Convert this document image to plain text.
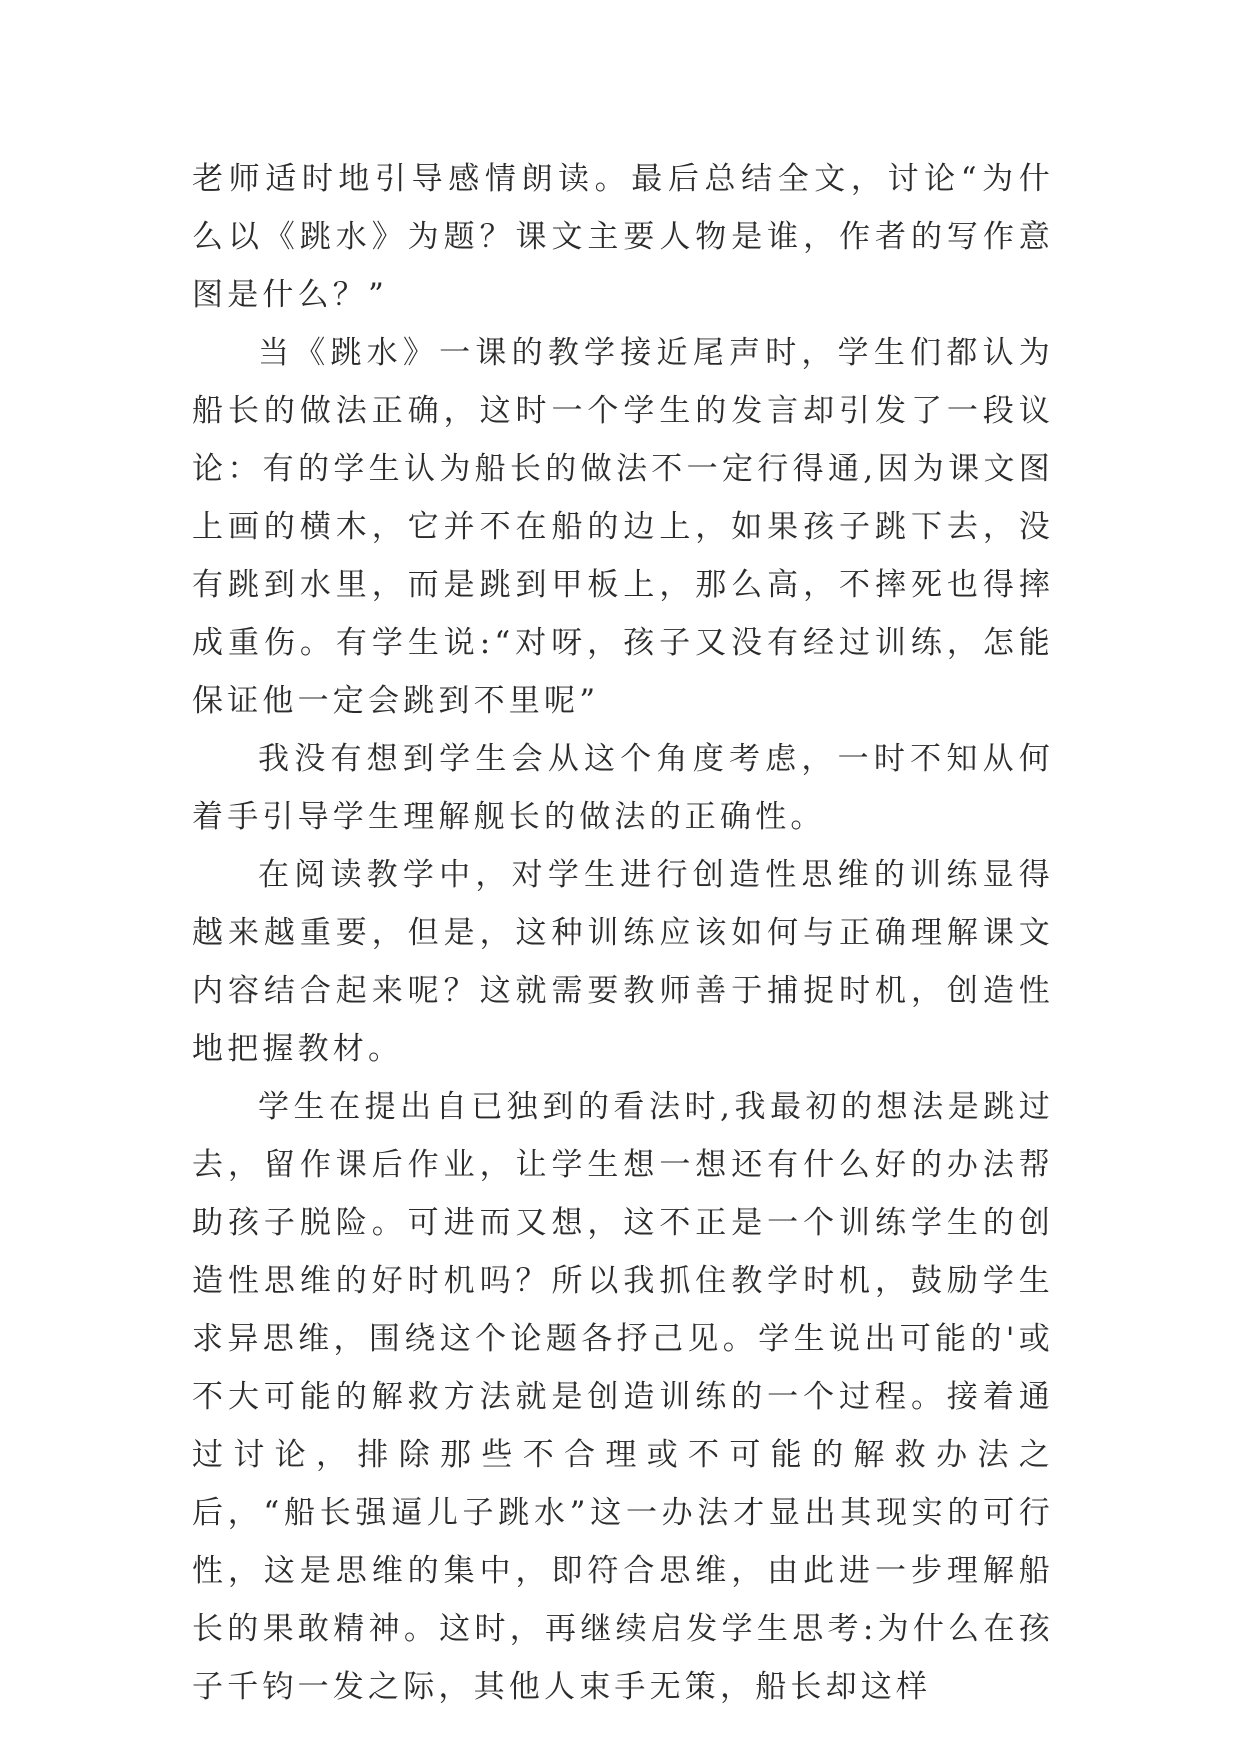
老师适时地引导感情朗读。最后总结全文，讨论“为什么以《跳水》为题？课文主要人物是谁，作者的写作意图是什么？”

当《跳水》一课的教学接近尾声时，学生们都认为船长的做法正确，这时一个学生的发言却引发了一段议论：有的学生认为船长的做法不一定行得通,因为课文图上画的横木，它并不在船的边上，如果孩子跳下去，没有跳到水里，而是跳到甲板上，那么高，不摔死也得摔成重伤。有学生说:“对呀，孩子又没有经过训练，怎能保证他一定会跳到不里呢”

我没有想到学生会从这个角度考虑，一时不知从何着手引导学生理解舰长的做法的正确性。

在阅读教学中，对学生进行创造性思维的训练显得越来越重要，但是，这种训练应该如何与正确理解课文内容结合起来呢？这就需要教师善于捕捉时机，创造性地把握教材。

学生在提出自已独到的看法时,我最初的想法是跳过去，留作课后作业，让学生想一想还有什么好的办法帮助孩子脱险。可进而又想，这不正是一个训练学生的创造性思维的好时机吗？所以我抓住教学时机，鼓励学生求异思维，围绕这个论题各抒己见。学生说出可能的'或不大可能的解救方法就是创造训练的一个过程。接着通过讨论，排除那些不合理或不可能的解救办法之后，“船长强逼儿子跳水”这一办法才显出其现实的可行性，这是思维的集中，即符合思维，由此进一步理解船长的果敢精神。这时，再继续启发学生思考:为什么在孩子千钧一发之际，其他人束手无策，船长却这样
